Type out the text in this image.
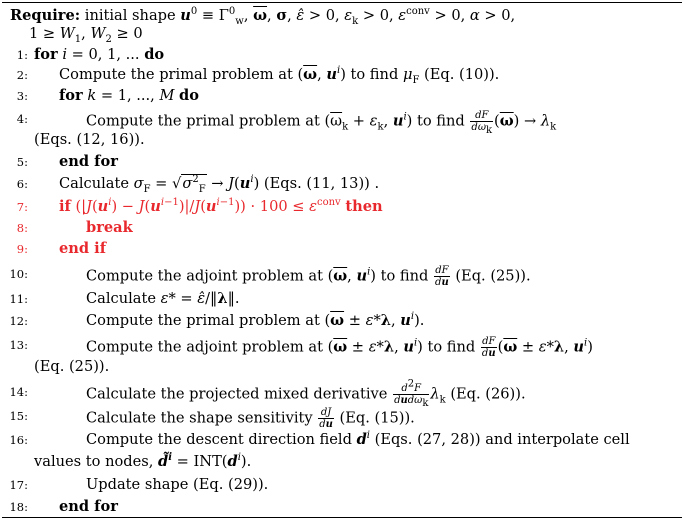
Require: initial shape $u^0 \equiv \Gamma^0_w$, $\overline{\omega}$, σ, ε̂ > 0, $\varepsilon_k > 0$, $\varepsilon^{conv} > 0$, α > 0,
$1 \ge W_1$, $W_2 \ge 0$
1: for i = 0, 1, ... do
2: Compute the primal problem at ($\overline{\omega}$, $u^i$) to find $\mu_F$ (Eq. (10)).
3: for k = 1, ..., M do
4:	Compute the primal problem at ($\overline{\omega}_k + \varepsilon_k$, $u^i$) to find $\frac{dF}{d\omega_k} (\overline{\omega}) \to \lambda_k$
(Eqs. (12, 16)).
5: end for
6: Calculate $\sigma_F = √\sigma^2_F \to J(u^i)$ (Eqs. (11, 13)) .
7: if $(|J(u^i) - J(u^{i-1})|/J(u^{i-1})) \cdot 100 \le \varepsilon^{conv}$ then
8:	break
9: end if
10:	Compute the adjoint problem at ($\overline{\omega}$, $u^i$) to find $\frac{dF}{du} (Eq$. (25)).
11:	Calculate ε* = ε̂/‖λ‖.
12:	Compute the primal problem at ($\overline{\omega} \pm \varepsilon*\lambda$, $u^i$).
13:	Compute the adjoint problem at ($\overline{\omega} \pm \varepsilon*\lambda$, $u^i$) to find $\frac{dF}{du} (\overline{\omega} \pm \varepsilon*\lambda$, $u^i$)
(Eq. (25)).
14:	Calculate the projected mixed derivative $\frac{d^2F}{dud\omega_k} \lambda_k$ (Eq. (26)).
15:	Calculate the shape sensitivity $\frac{dJ}{du} (Eq$. (15)).
16:	Compute the descent direction field $d^i$ (Eqs. (27, 28)) and interpolate cell
values to nodes, d̃$^i$ = $INT(d^i)$.
17:	Update shape (Eq. (29)).
18: end for
